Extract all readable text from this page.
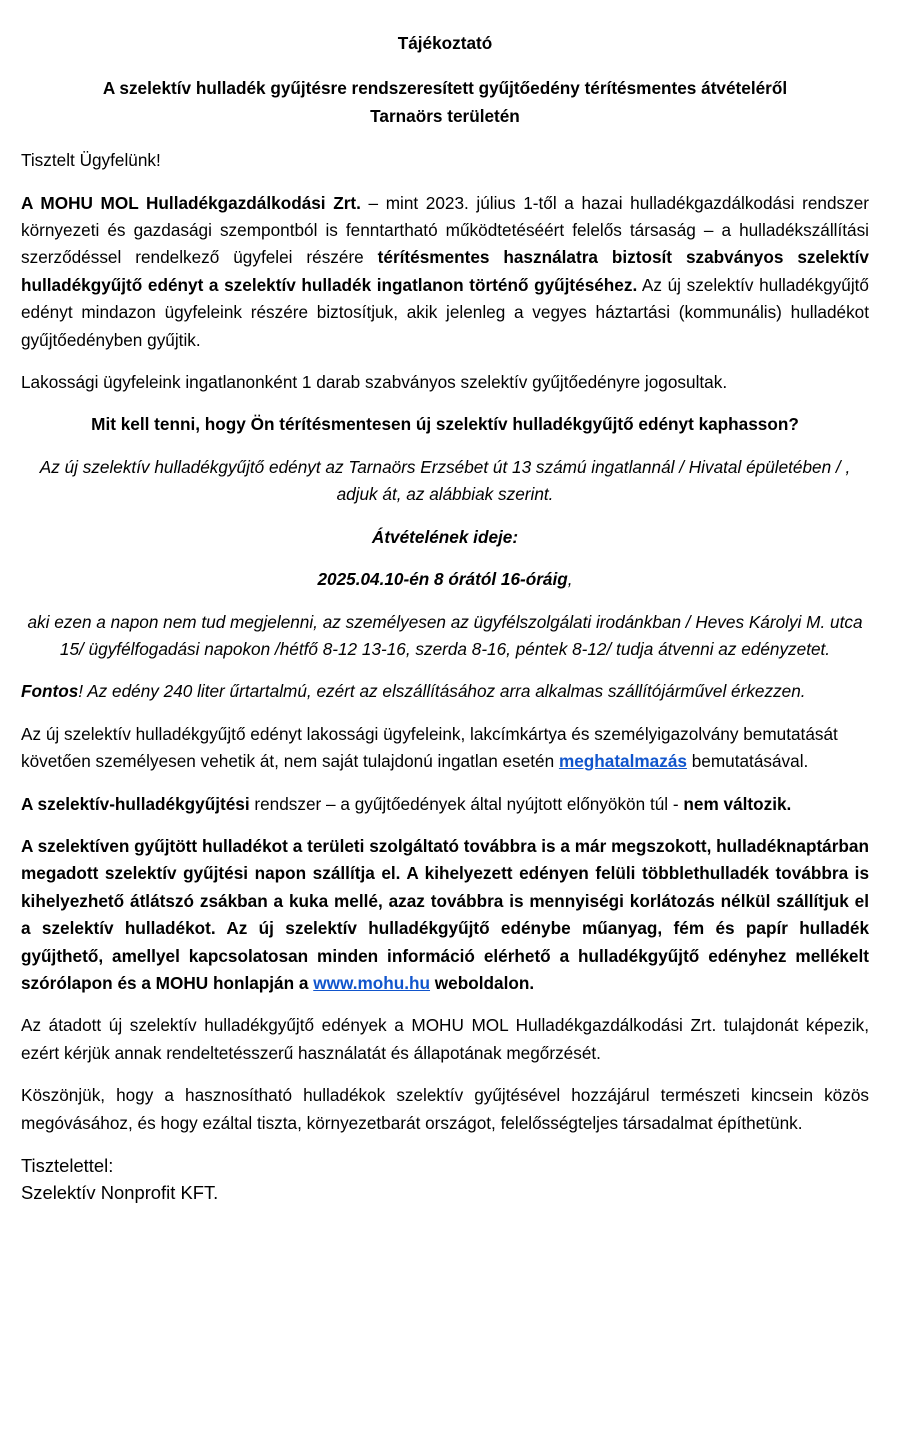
Tájékoztató

A szelektív hulladék gyűjtésre rendszeresített gyűjtőedény térítésmentes átvételéről
Tarnaörs területén

Tisztelt Ügyfelünk!

A MOHU MOL Hulladékgazdálkodási Zrt. – mint 2023. július 1-től a hazai hulladékgazdálkodási rendszer környezeti és gazdasági szempontból is fenntartható működtetéséért felelős társaság – a hulladékszállítási szerződéssel rendelkező ügyfelei részére térítésmentes használatra biztosít szabványos szelektív hulladékgyűjtő edényt a szelektív hulladék ingatlanon történő gyűjtéséhez. Az új szelektív hulladékgyűjtő edényt mindazon ügyfeleink részére biztosítjuk, akik jelenleg a vegyes háztartási (kommunális) hulladékot gyűjtőedényben gyűjtik.

Lakossági ügyfeleink ingatlanonként 1 darab szabványos szelektív gyűjtőedényre jogosultak.

Mit kell tenni, hogy Ön térítésmentesen új szelektív hulladékgyűjtő edényt kaphasson?

Az új szelektív hulladékgyűjtő edényt az Tarnaörs Erzsébet út 13 számú ingatlannál / Hivatal épületében / , adjuk át, az alábbiak szerint.

Átvételének ideje:

2025.04.10-én 8 órától 16-óráig,

aki ezen a napon nem tud megjelenni, az személyesen az ügyfélszolgálati irodánkban / Heves Károlyi M. utca 15/ ügyfélfogadási napokon /hétfő 8-12 13-16, szerda 8-16, péntek 8-12/ tudja átvenni az edényzetet.

Fontos! Az edény 240 liter űrtartalmú, ezért az elszállításához arra alkalmas szállítójárművel érkezzen.

Az új szelektív hulladékgyűjtő edényt lakossági ügyfeleink, lakcímkártya és személyigazolvány bemutatását követően személyesen vehetik át, nem saját tulajdonú ingatlan esetén meghatalmazás bemutatásával.

A szelektív-hulladékgyűjtési rendszer – a gyűjtőedények által nyújtott előnyökön túl - nem változik.

A szelektíven gyűjtött hulladékot a területi szolgáltató továbbra is a már megszokott, hulladéknaptárban megadott szelektív gyűjtési napon szállítja el. A kihelyezett edényen felüli többlethulladék továbbra is kihelyezhető átlátszó zsákban a kuka mellé, azaz továbbra is mennyiségi korlátozás nélkül szállítjuk el a szelektív hulladékot. Az új szelektív hulladékgyűjtő edénybe műanyag, fém és papír hulladék gyűjthető, amellyel kapcsolatosan minden információ elérhető a hulladékgyűjtő edényhez mellékelt szórólapon és a MOHU honlapján a www.mohu.hu weboldalon.

Az átadott új szelektív hulladékgyűjtő edények a MOHU MOL Hulladékgazdálkodási Zrt. tulajdonát képezik, ezért kérjük annak rendeltetésszerű használatát és állapotának megőrzését.

Köszönjük, hogy a hasznosítható hulladékok szelektív gyűjtésével hozzájárul természeti kincsein közös megóvásához, és hogy ezáltal tiszta, környezetbarát országot, felelősségteljes társadalmat építhetünk.

Tisztelettel:
Szelektív Nonprofit KFT.
